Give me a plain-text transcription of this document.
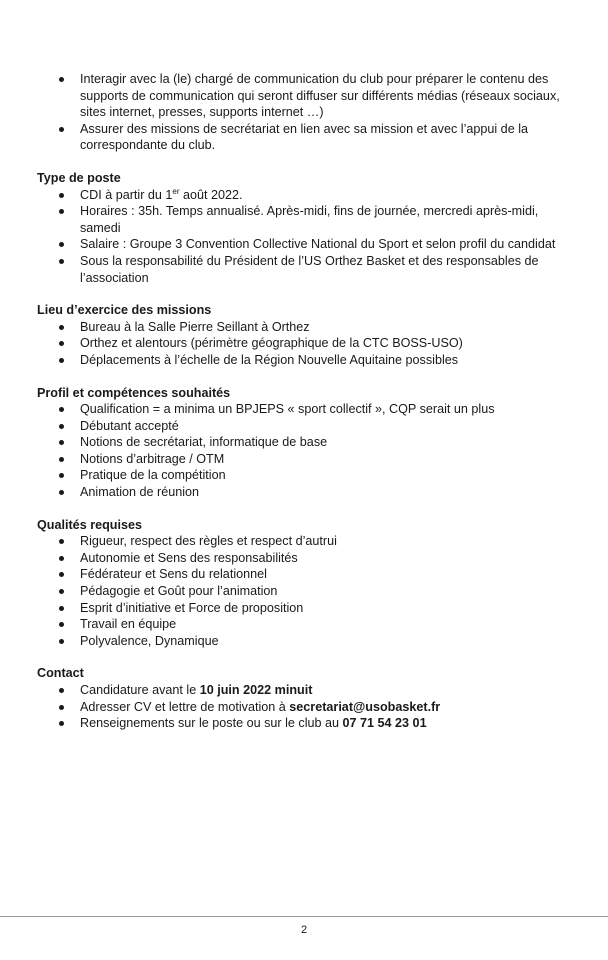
Interagir avec la (le) chargé de communication du club pour préparer le contenu des supports de communication qui seront diffuser sur différents médias (réseaux sociaux, sites internet, presses, supports internet …)
Assurer des missions de secrétariat en lien avec sa mission et avec l’appui de la correspondante du club.
Type de poste
CDI à partir du 1er août 2022.
Horaires : 35h. Temps annualisé. Après-midi, fins de journée, mercredi après-midi, samedi
Salaire : Groupe 3 Convention Collective National du Sport et selon profil du candidat
Sous la responsabilité du Président de l’US Orthez Basket et des responsables de l’association
Lieu d’exercice des missions
Bureau à la Salle Pierre Seillant à Orthez
Orthez et alentours (périmètre géographique de la CTC BOSS-USO)
Déplacements à l’échelle de la Région Nouvelle Aquitaine possibles
Profil et compétences souhaités
Qualification = a minima un BPJEPS « sport collectif », CQP serait un plus
Débutant accepté
Notions de secrétariat, informatique de base
Notions d’arbitrage / OTM
Pratique de la compétition
Animation de réunion
Qualités requises
Rigueur, respect des règles et respect d’autrui
Autonomie et Sens des responsabilités
Fédérateur et Sens du relationnel
Pédagogie et Goût pour l’animation
Esprit d’initiative et Force de proposition
Travail en équipe
Polyvalence, Dynamique
Contact
Candidature avant le 10 juin 2022 minuit
Adresser CV et lettre de motivation à secretariat@usobasket.fr
Renseignements sur le poste ou sur le club au 07 71 54 23 01
2
